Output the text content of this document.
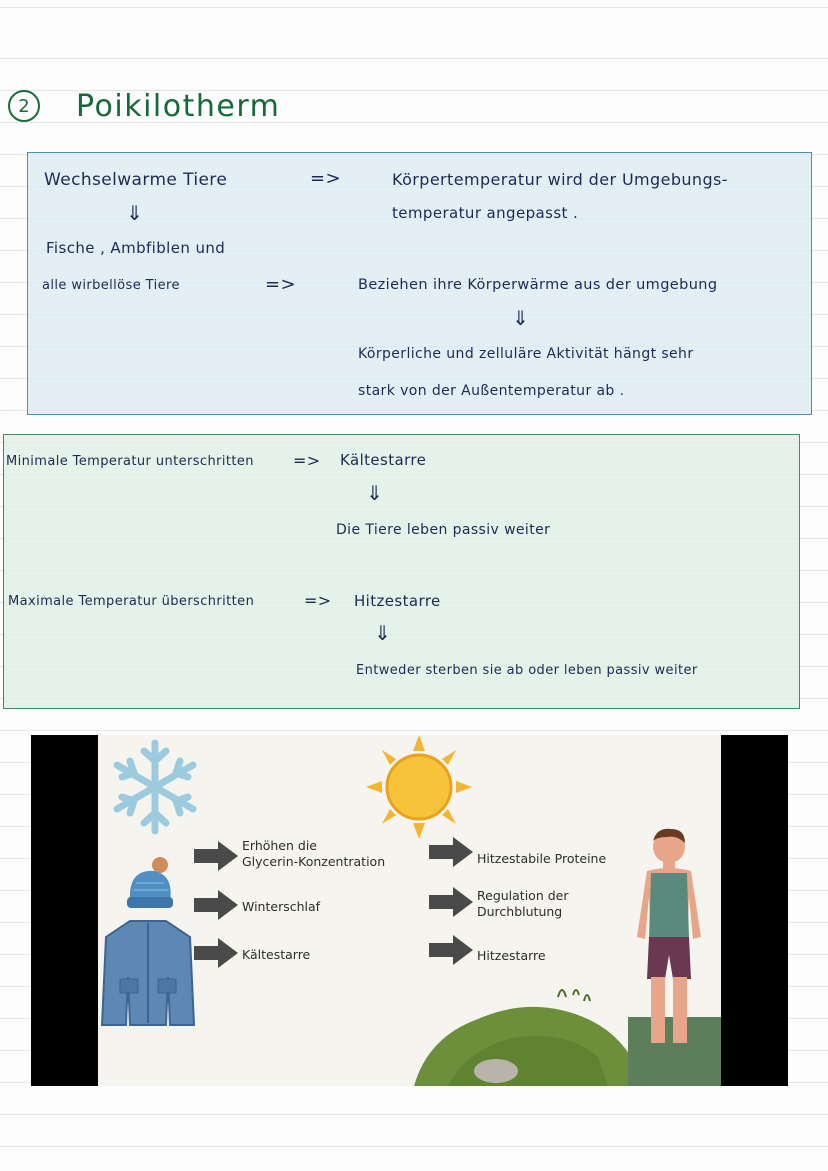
2	Poikilotherm
Wechselwarme Tiere	=>	Körpertemperatur wird der Umgebungs-
temperatur angepasst .
⇓
Fische , Ambfiblen und
alle wirbellöse Tiere	=>	Beziehen ihre Körperwärme aus der umgebung
⇓
Körperliche und zelluläre Aktivität hängt sehr
stark von der Außentemperatur ab .
Minimale Temperatur unterschritten => Kältestarre
⇓
Die Tiere leben passiv weiter
Maximale Temperatur überschritten	=> Hitzestarre
⇓
Entweder sterben sie ab oder leben passiv weiter
Erhöhen die
Glycerin-Konzentration
Winterschlaf
Kältestarre
Hitzestabile Proteine
Regulation der
Durchblutung
Hitzestarre
